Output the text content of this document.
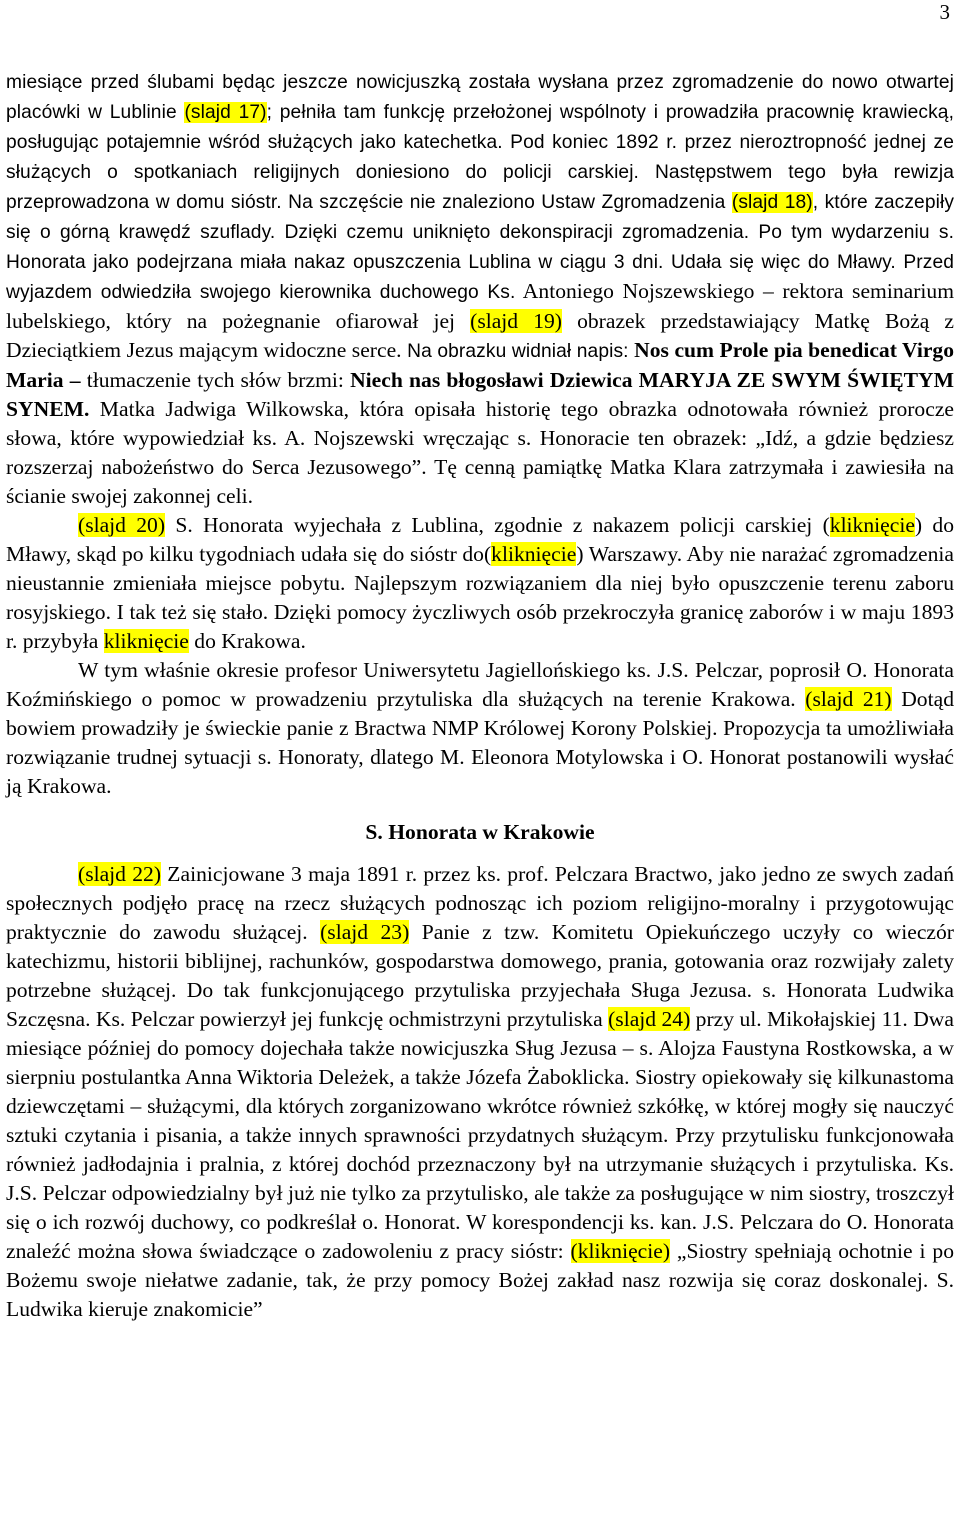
3

miesiące przed ślubami będąc jeszcze nowicjuszką została wysłana przez zgromadzenie do nowo otwartej placówki w Lublinie (slajd 17); pełniła tam funkcję przełożonej wspólnoty i prowadziła pracownię krawiecką, posługując potajemnie wśród służących jako katechetka. Pod koniec 1892 r. przez nieroztropność jednej ze służących o spotkaniach religijnych doniesiono do policji carskiej. Następstwem tego była rewizja przeprowadzona w domu sióstr. Na szczęście nie znaleziono Ustaw Zgromadzenia (slajd 18), które zaczepiły się o górną krawędź szuflady. Dzięki czemu uniknięto dekonspiracji zgromadzenia. Po tym wydarzeniu s. Honorata jako podejrzana miała nakaz opuszczenia Lublina w ciągu 3 dni. Udała się więc do Mławy. Przed wyjazdem odwiedziła swojego kierownika duchowego Ks. Antoniego Nojszewskiego – rektora seminarium lubelskiego, który na pożegnanie ofiarował jej (slajd 19) obrazek przedstawiający Matkę Bożą z Dzieciątkiem Jezus mającym widoczne serce. Na obrazku widniał napis: Nos cum Prole pia benedicat Virgo Maria – tłumaczenie tych słów brzmi: Niech nas błogosławi Dziewica MARYJA ZE SWYM ŚWIĘTYM SYNEM. Matka Jadwiga Wilkowska, która opisała historię tego obrazka odnotowała również prorocze słowa, które wypowiedział ks. A. Nojszewski wręczając s. Honoracie ten obrazek: „Idź, a gdzie będziesz rozszerzaj nabożeństwo do Serca Jezusowego”. Tę cenną pamiątkę Matka Klara zatrzymała i zawiesiła na ścianie swojej zakonnej celi.

(slajd 20) S. Honorata wyjechała z Lublina, zgodnie z nakazem policji carskiej (kliknięcie) do Mławy, skąd po kilku tygodniach udała się do sióstr do(kliknięcie) Warszawy. Aby nie narażać zgromadzenia nieustannie zmieniała miejsce pobytu. Najlepszym rozwiązaniem dla niej było opuszczenie terenu zaboru rosyjskiego. I tak też się stało. Dzięki pomocy życzliwych osób przekroczyła granicę zaborów i w maju 1893 r. przybyła kliknięcie do Krakowa.

W tym właśnie okresie profesor Uniwersytetu Jagiellońskiego ks. J.S. Pelczar, poprosił O. Honorata Koźmińskiego o pomoc w prowadzeniu przytuliska dla służących na terenie Krakowa. (slajd 21) Dotąd bowiem prowadziły je świeckie panie z Bractwa NMP Królowej Korony Polskiej. Propozycja ta umożliwiała rozwiązanie trudnej sytuacji s. Honoraty, dlatego M. Eleonora Motylowska i O. Honorat postanowili wysłać ją Krakowa.

S. Honorata w Krakowie

(slajd 22) Zainicjowane 3 maja 1891 r. przez ks. prof. Pelczara Bractwo, jako jedno ze swych zadań społecznych podjęło pracę na rzecz służących podnosząc ich poziom religijno-moralny i przygotowując praktycznie do zawodu służącej. (slajd 23) Panie z tzw. Komitetu Opiekuńczego uczyły co wieczór katechizmu, historii biblijnej, rachunków, gospodarstwa domowego, prania, gotowania oraz rozwijały zalety potrzebne służącej. Do tak funkcjonującego przytuliska przyjechała Sługa Jezusa. s. Honorata Ludwika Szczęsna. Ks. Pelczar powierzył jej funkcję ochmistrzyni przytuliska (slajd 24) przy ul. Mikołajskiej 11. Dwa miesiące później do pomocy dojechała także nowicjuszka Sług Jezusa – s. Alojza Faustyna Rostkowska, a w sierpniu postulantka Anna Wiktoria Deleżek, a także Józefa Żaboklicka. Siostry opiekowały się kilkunastoma dziewczętami – służącymi, dla których zorganizowano wkrótce również szkółkę, w której mogły się nauczyć sztuki czytania i pisania, a także innych sprawności przydatnych służącym. Przy przytulisku funkcjonowała również jadłodajnia i pralnia, z której dochód przeznaczony był na utrzymanie służących i przytuliska. Ks. J.S. Pelczar odpowiedzialny był już nie tylko za przytulisko, ale także za posługujące w nim siostry, troszczył się o ich rozwój duchowy, co podkreślał o. Honorat. W korespondencji ks. kan. J.S. Pelczara do O. Honorata znaleźć można słowa świadczące o zadowoleniu z pracy sióstr: (kliknięcie) „Siostry spełniają ochotnie i po Bożemu swoje niełatwe zadanie, tak, że przy pomocy Bożej zakład nasz rozwija się coraz doskonalej. S. Ludwika kieruje znakomicie”
